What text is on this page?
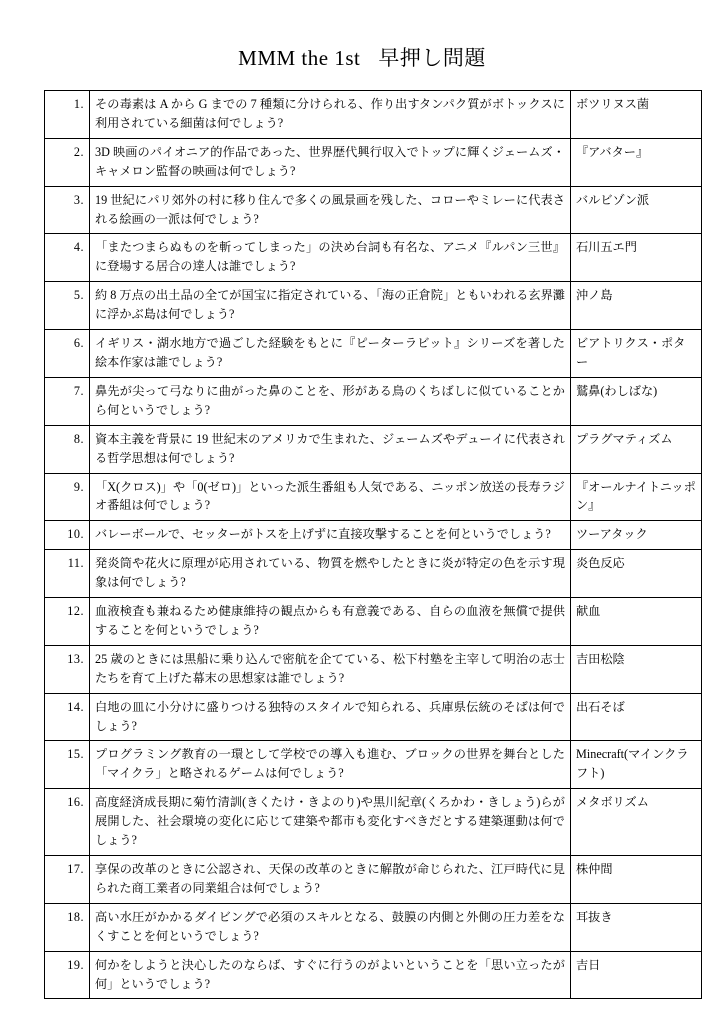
MMM the 1st 早押し問題
1.	その毒素は A から G までの 7 種類に分けられる、作り出すタンパク質がボトックスに利用されている細菌は何でしょう?	ボツリヌス菌
2.	3D 映画のパイオニア的作品であった、世界歴代興行収入でトップに輝くジェームズ・キャメロン監督の映画は何でしょう?	『アバター』
3.	19 世紀にパリ郊外の村に移り住んで多くの風景画を残した、コローやミレーに代表される絵画の一派は何でしょう?	バルビゾン派
4.	「またつまらぬものを斬ってしまった」の決め台詞も有名な、アニメ『ルパン三世』に登場する居合の達人は誰でしょう?	石川五エ門
5.	約 8 万点の出土品の全てが国宝に指定されている、「海の正倉院」ともいわれる玄界灘に浮かぶ島は何でしょう?	沖ノ島
6.	イギリス・湖水地方で過ごした経験をもとに『ピーターラビット』シリーズを著した絵本作家は誰でしょう?	ビアトリクス・ポター
7.	鼻先が尖って弓なりに曲がった鼻のことを、形がある鳥のくちばしに似ていることから何というでしょう?	鷲鼻(わしばな)
8.	資本主義を背景に 19 世紀末のアメリカで生まれた、ジェームズやデューイに代表される哲学思想は何でしょう?	プラグマティズム
9.	「X(クロス)」や「0(ゼロ)」といった派生番組も人気である、ニッポン放送の長寿ラジオ番組は何でしょう?	『オールナイトニッポン』
10.	バレーボールで、セッターがトスを上げずに直接攻撃することを何というでしょう?	ツーアタック
11.	発炎筒や花火に原理が応用されている、物質を燃やしたときに炎が特定の色を示す現象は何でしょう?	炎色反応
12.	血液検査も兼ねるため健康維持の観点からも有意義である、自らの血液を無償で提供することを何というでしょう?	献血
13.	25 歳のときには黒船に乗り込んで密航を企てている、松下村塾を主宰して明治の志士たちを育て上げた幕末の思想家は誰でしょう?	吉田松陰
14.	白地の皿に小分けに盛りつける独特のスタイルで知られる、兵庫県伝統のそばは何でしょう?	出石そば
15.	プログラミング教育の一環として学校での導入も進む、ブロックの世界を舞台とした「マイクラ」と略されるゲームは何でしょう?	Minecraft(マインクラフト)
16.	高度経済成長期に菊竹清訓(きくたけ・きよのり)や黒川紀章(くろかわ・きしょう)らが展開した、社会環境の変化に応じて建築や都市も変化すべきだとする建築運動は何でしょう?	メタボリズム
17.	享保の改革のときに公認され、天保の改革のときに解散が命じられた、江戸時代に見られた商工業者の同業組合は何でしょう?	株仲間
18.	高い水圧がかかるダイビングで必須のスキルとなる、鼓膜の内側と外側の圧力差をなくすことを何というでしょう?	耳抜き
19.	何かをしようと決心したのならば、すぐに行うのがよいということを「思い立ったが何」というでしょう?	吉日
